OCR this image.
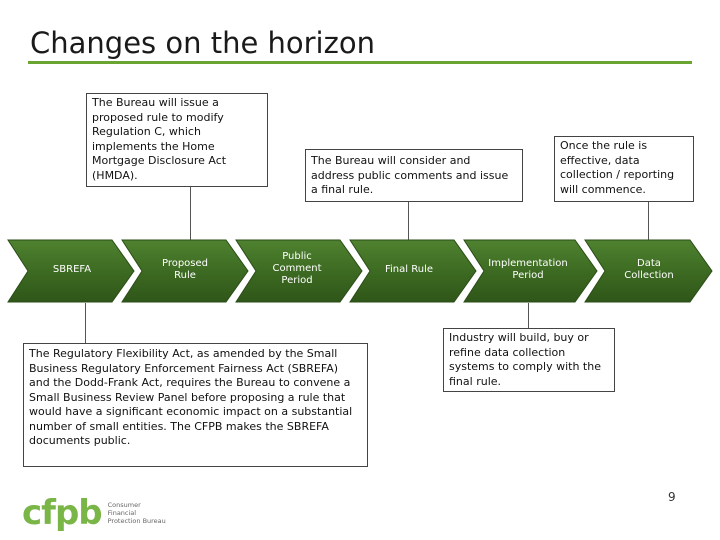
Changes on the horizon
The Bureau will issue a proposed rule to modify Regulation C, which implements the Home Mortgage Disclosure Act (HMDA).
The Bureau will consider and address public comments and issue a final rule.
Once the rule is effective, data collection / reporting will commence.
The Regulatory Flexibility Act, as amended by the Small Business Regulatory Enforcement Fairness Act (SBREFA) and the Dodd-Frank Act, requires the Bureau to convene a Small Business Review Panel before proposing a rule that would have a significant economic impact on a substantial number of small entities. The CFPB makes the SBREFA documents public.
Industry will build, buy or refine data collection systems to comply with the final rule.
SBREFA
Proposed Rule
Public Comment Period
Final Rule
Implementation Period
Data Collection
9
cfpb Consumer Financial Protection Bureau
